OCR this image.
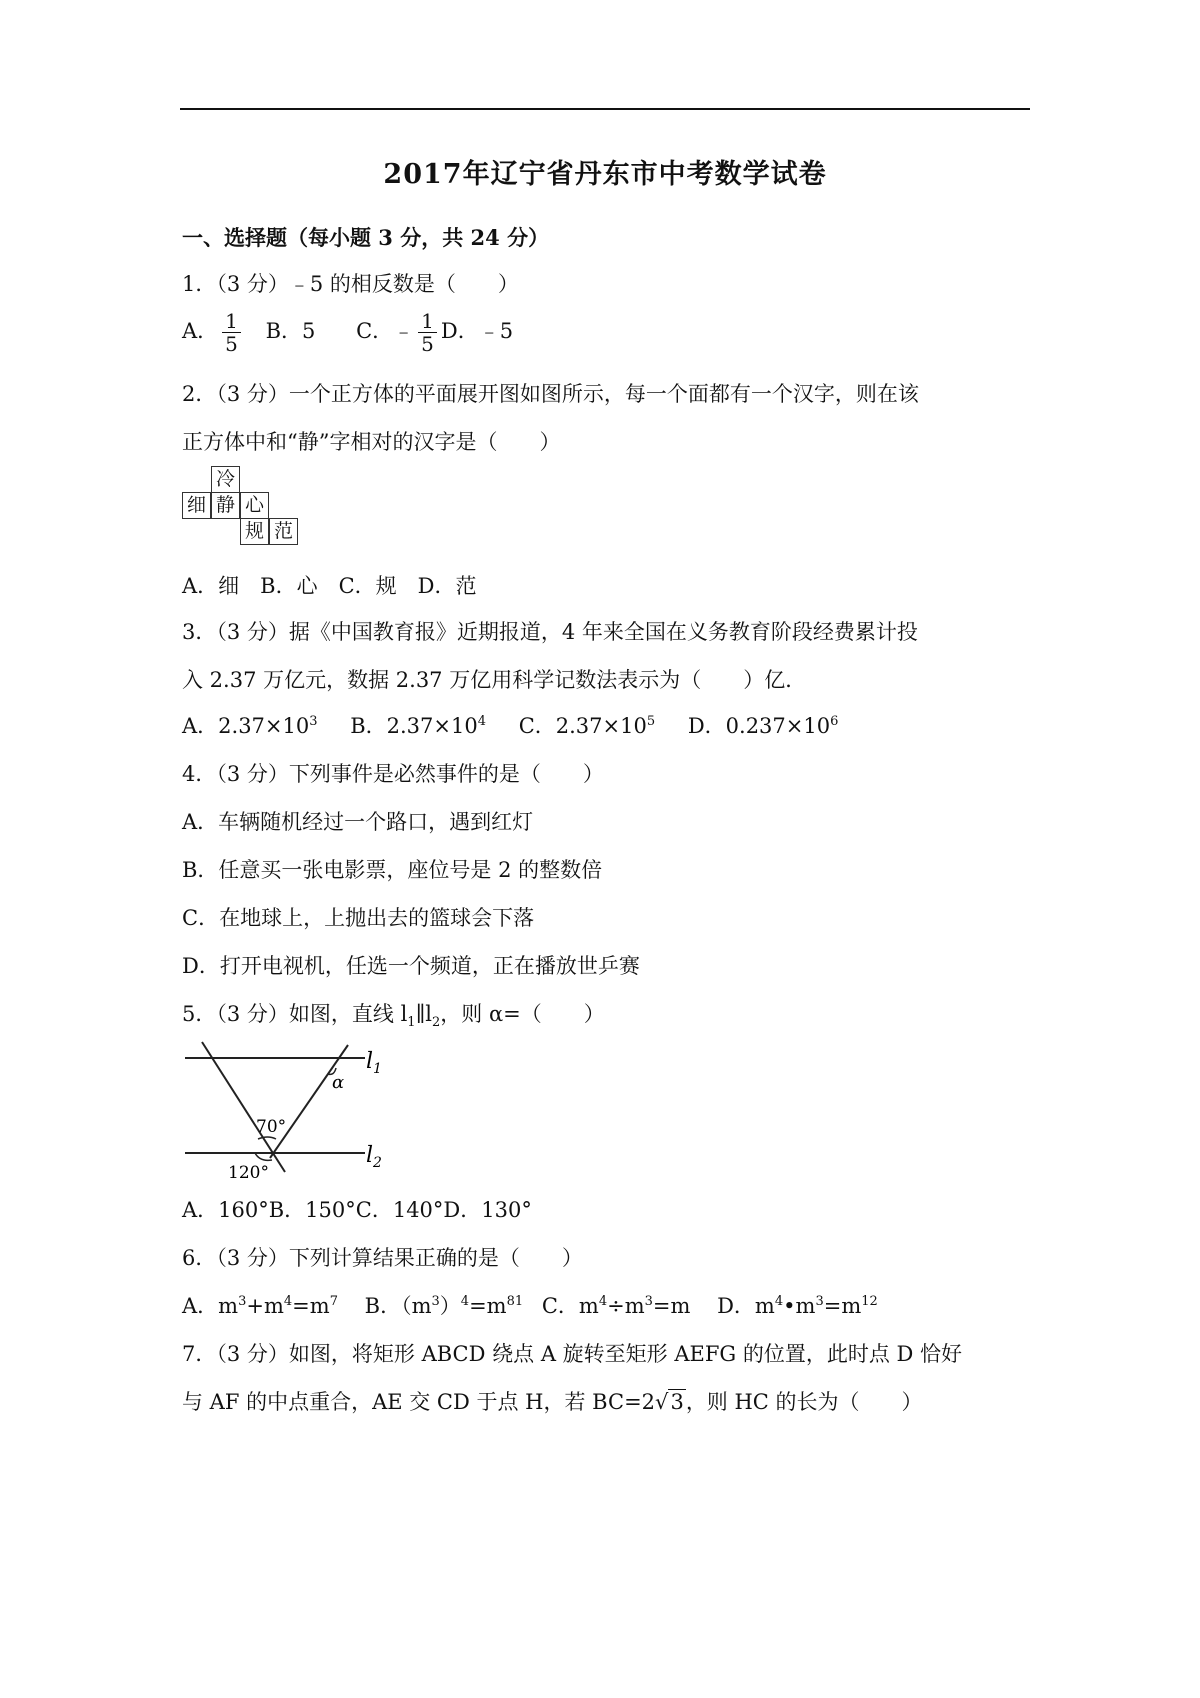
2017年辽宁省丹东市中考数学试卷
一、选择题（每小题 3 分，共 24 分）
1．（3 分）﹣5 的相反数是（　　）
A． $\frac{1}{5}$ B．5 C．﹣ $\frac{1}{5}$ D．﹣5
2．（3 分）一个正方体的平面展开图如图所示，每一个面都有一个汉字，则在该
正方体中和“静”字相对的汉字是（　　）
冷
细 静 心
规 范
A．细　B．心　C．规　D．范
3．（3 分）据《中国教育报》近期报道，4 年来全国在义务教育阶段经费累计投
入 2.37 万亿元，数据 2.37 万亿用科学记数法表示为（　　）亿．
A．$2.37\times 10^3$ B．$2.37\times 10^4$ C．$2.37\times 10^5$ D．$0.237\times 10^6$
4．（3 分）下列事件是必然事件的是（　　）
A．车辆随机经过一个路口，遇到红灯
B．任意买一张电影票，座位号是 2 的整数倍
C．在地球上，上抛出去的篮球会下落
D．打开电视机，任选一个频道，正在播放世乒赛
5．（3 分）如图，直线 $l_1\parallel l_2$，则 α=（　　）
$l_1$
$l_2$
α
70°
120°
A．160°B．150°C．140°D．130°
6．（3 分）下列计算结果正确的是（　　）
A．$m^3+m^4=m^7$ B．$(m^3)^4=m^{81}$ C．$m^4\div m^3=m$ D．$m^4•m^3=m^{12}$
7．（3 分）如图，将矩形 ABCD 绕点 A 旋转至矩形 AEFG 的位置，此时点 D 恰好
与 AF 的中点重合，AE 交 CD 于点 H，若 BC=2√3，则 HC 的长为（　　）
